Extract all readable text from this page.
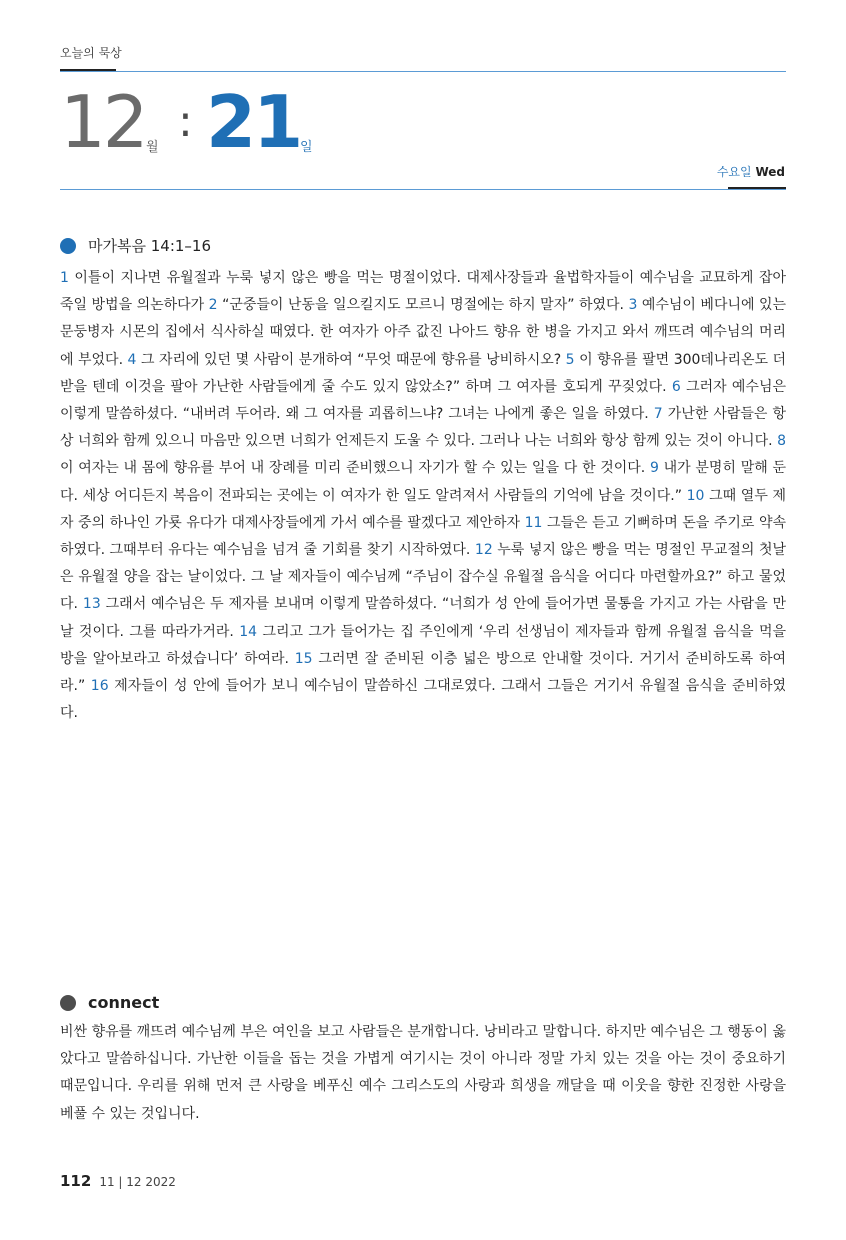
오늘의 묵상
12 월
: 21 일
수요일 Wed
마가복음 14:1–16
1 이틀이 지나면 유월절과 누룩 넣지 않은 빵을 먹는 명절이었다. 대제사장들과 율법학자들이 예수님을 교묘하게 잡아 죽일 방법을 의논하다가 2 “군중들이 난동을 일으킬지도 모르니 명절에는 하지 말자” 하였다. 3 예수님이 베다니에 있는 문둥병자 시몬의 집에서 식사하실 때였다. 한 여자가 아주 값진 나아드 향유 한 병을 가지고 와서 깨뜨려 예수님의 머리에 부었다. 4 그 자리에 있던 몇 사람이 분개하여 “무엇 때문에 향유를 낭비하시오? 5 이 향유를 팔면 300데나리온도 더 받을 텐데 이것을 팔아 가난한 사람들에게 줄 수도 있지 않았소?” 하며 그 여자를 호되게 꾸짖었다. 6 그러자 예수님은 이렇게 말씀하셨다. “내버려 두어라. 왜 그 여자를 괴롭히느냐? 그녀는 나에게 좋은 일을 하였다. 7 가난한 사람들은 항상 너희와 함께 있으니 마음만 있으면 너희가 언제든지 도울 수 있다. 그러나 나는 너희와 항상 함께 있는 것이 아니다. 8 이 여자는 내 몸에 향유를 부어 내 장례를 미리 준비했으니 자기가 할 수 있는 일을 다 한 것이다. 9 내가 분명히 말해 둔다. 세상 어디든지 복음이 전파되는 곳에는 이 여자가 한 일도 알려져서 사람들의 기억에 남을 것이다.” 10 그때 열두 제자 중의 하나인 가룟 유다가 대제사장들에게 가서 예수를 팔겠다고 제안하자 11 그들은 듣고 기뻐하며 돈을 주기로 약속하였다. 그때부터 유다는 예수님을 넘겨 줄 기회를 찾기 시작하였다. 12 누룩 넣지 않은 빵을 먹는 명절인 무교절의 첫날은 유월절 양을 잡는 날이었다. 그 날 제자들이 예수님께 “주님이 잡수실 유월절 음식을 어디다 마련할까요?” 하고 물었다. 13 그래서 예수님은 두 제자를 보내며 이렇게 말씀하셨다. “너희가 성 안에 들어가면 물통을 가지고 가는 사람을 만날 것이다. 그를 따라가거라. 14 그리고 그가 들어가는 집 주인에게 ‘우리 선생님이 제자들과 함께 유월절 음식을 먹을 방을 알아보라고 하셨습니다’ 하여라. 15 그러면 잘 준비된 이층 넓은 방으로 안내할 것이다. 거기서 준비하도록 하여라.” 16 제자들이 성 안에 들어가 보니 예수님이 말씀하신 그대로였다. 그래서 그들은 거기서 유월절 음식을 준비하였다.
connect
비싼 향유를 깨뜨려 예수님께 부은 여인을 보고 사람들은 분개합니다. 낭비라고 말합니다. 하지만 예수님은 그 행동이 옳았다고 말씀하십니다. 가난한 이들을 돕는 것을 가볍게 여기시는 것이 아니라 정말 가치 있는 것을 아는 것이 중요하기 때문입니다. 우리를 위해 먼저 큰 사랑을 베푸신 예수 그리스도의 사랑과 희생을 깨달을 때 이웃을 향한 진정한 사랑을 베풀 수 있는 것입니다.
112 11 | 12 2022
